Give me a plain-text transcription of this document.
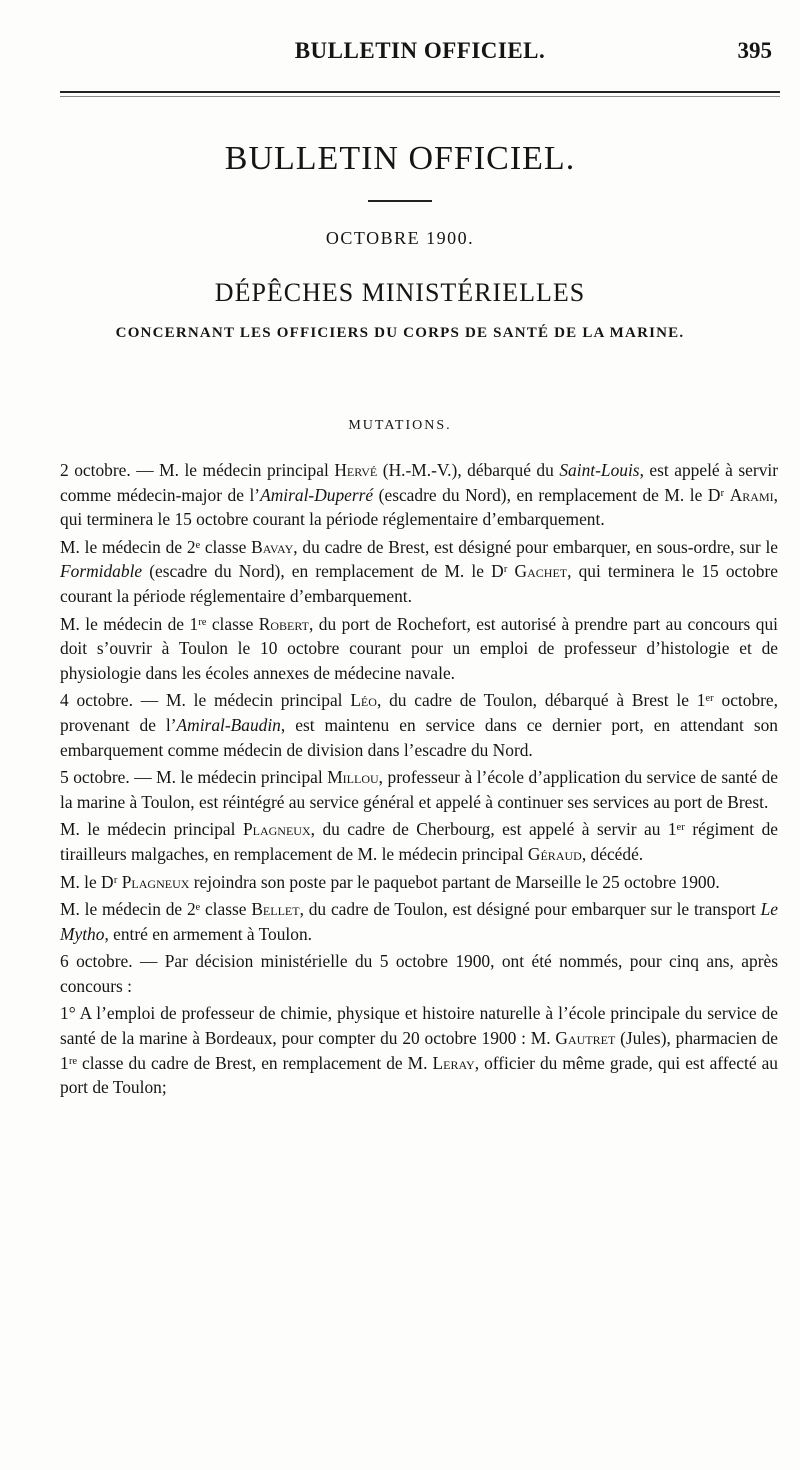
BULLETIN OFFICIEL.	395
BULLETIN OFFICIEL.
OCTOBRE 1900.
DÉPÊCHES MINISTÉRIELLES
CONCERNANT LES OFFICIERS DU CORPS DE SANTÉ DE LA MARINE.
MUTATIONS.

2 octobre. — M. le médecin principal Hervé (H.-M.-V.), débarqué du Saint-Louis, est appelé à servir comme médecin-major de l’Amiral-Duperré (escadre du Nord), en remplacement de M. le Dʳ Arami, qui terminera le 15 octobre courant la période réglementaire d’embarquement.

M. le médecin de 2ᵉ classe Bavay, du cadre de Brest, est désigné pour embarquer, en sous-ordre, sur le Formidable (escadre du Nord), en remplacement de M. le Dʳ Gachet, qui terminera le 15 octobre courant la période réglementaire d’embarquement.

M. le médecin de 1ʳᵉ classe Robert, du port de Rochefort, est autorisé à prendre part au concours qui doit s’ouvrir à Toulon le 10 octobre courant pour un emploi de professeur d’histologie et de physiologie dans les écoles annexes de médecine navale.

4 octobre. — M. le médecin principal Léo, du cadre de Toulon, débarqué à Brest le 1ᵉʳ octobre, provenant de l’Amiral-Baudin, est maintenu en service dans ce dernier port, en attendant son embarquement comme médecin de division dans l’escadre du Nord.

5 octobre. — M. le médecin principal Millou, professeur à l’école d’application du service de santé de la marine à Toulon, est réintégré au service général et appelé à continuer ses services au port de Brest.

M. le médecin principal Plagneux, du cadre de Cherbourg, est appelé à servir au 1ᵉʳ régiment de tirailleurs malgaches, en remplacement de M. le médecin principal Géraud, décédé.

M. le Dʳ Plagneux rejoindra son poste par le paquebot partant de Marseille le 25 octobre 1900.

M. le médecin de 2ᵉ classe Bellet, du cadre de Toulon, est désigné pour embarquer sur le transport Le Mytho, entré en armement à Toulon.

6 octobre. — Par décision ministérielle du 5 octobre 1900, ont été nommés, pour cinq ans, après concours :

1° A l’emploi de professeur de chimie, physique et histoire naturelle à l’école principale du service de santé de la marine à Bordeaux, pour compter du 20 octobre 1900 : M. Gautret (Jules), pharmacien de 1ʳᵉ classe du cadre de Brest, en remplacement de M. Leray, officier du même grade, qui est affecté au port de Toulon;
